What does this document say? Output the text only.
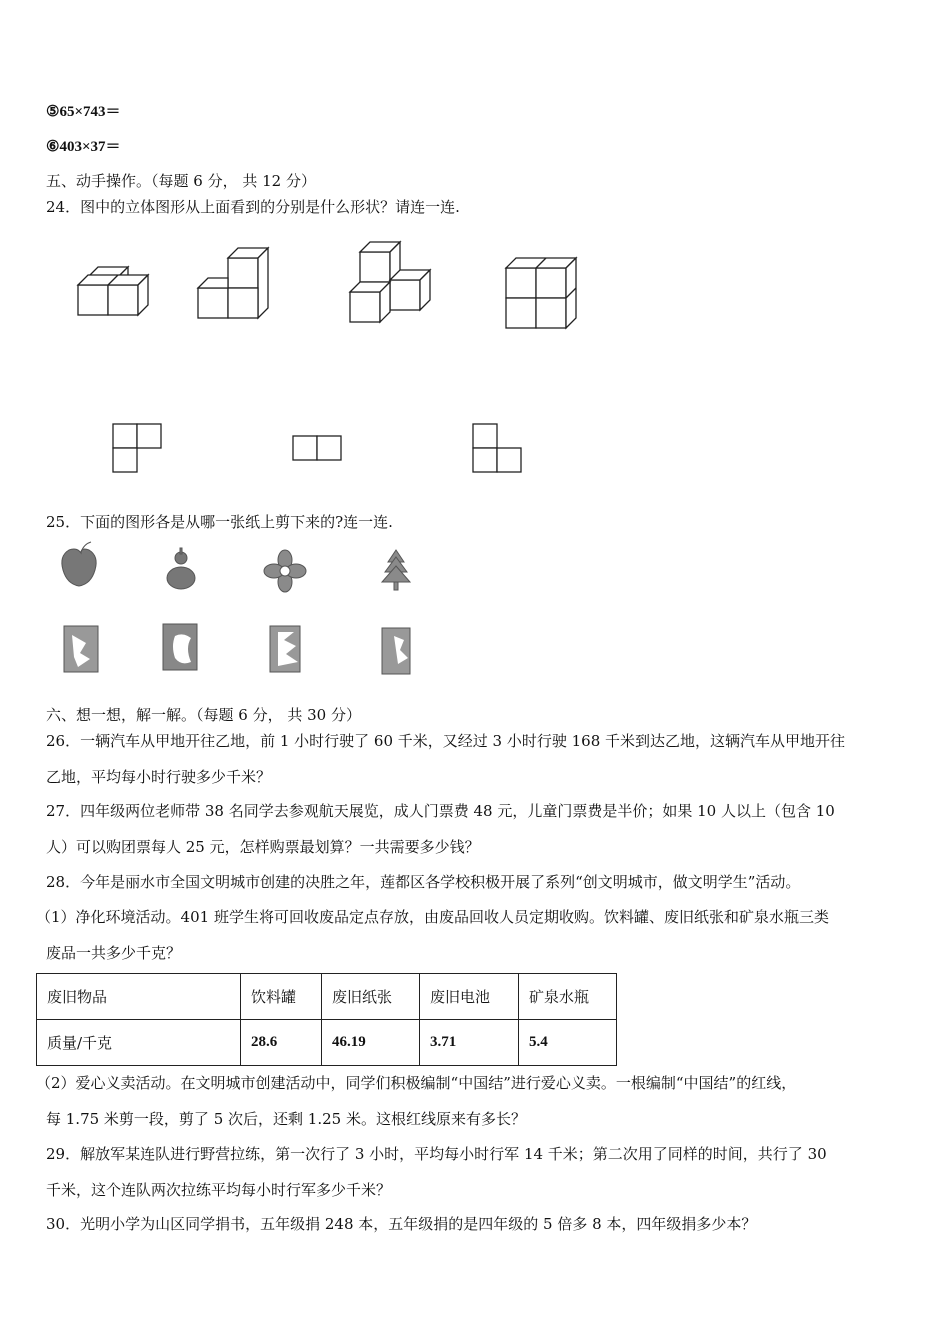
⑤65×743＝
⑥403×37＝
五、动手操作。（每题 6 分， 共 12 分）
24．图中的立体图形从上面看到的分别是什么形状？请连一连.
25．下面的图形各是从哪一张纸上剪下来的?连一连.
六、想一想，解一解。（每题 6 分， 共 30 分）
26．一辆汽车从甲地开往乙地，前 1 小时行驶了 60 千米，又经过 3 小时行驶 168 千米到达乙地，这辆汽车从甲地开往
乙地，平均每小时行驶多少千米？
27．四年级两位老师带 38 名同学去参观航天展览，成人门票费 48 元，儿童门票费是半价；如果 10 人以上（包含 10
人）可以购团票每人 25 元，怎样购票最划算？一共需要多少钱？
28．今年是丽水市全国文明城市创建的决胜之年，莲都区各学校积极开展了系列“创文明城市，做文明学生”活动。
（1）净化环境活动。401 班学生将可回收废品定点存放，由废品回收人员定期收购。饮料罐、废旧纸张和矿泉水瓶三类
废品一共多少千克？
废旧物品	饮料罐	废旧纸张	废旧电池	矿泉水瓶
质量/千克	28.6	46.19	3.71	5.4
（2）爱心义卖活动。在文明城市创建活动中，同学们积极编制“中国结”进行爱心义卖。一根编制“中国结”的红线，
每 1.75 米剪一段，剪了 5 次后，还剩 1.25 米。这根红线原来有多长？
29．解放军某连队进行野营拉练，第一次行了 3 小时，平均每小时行军 14 千米；第二次用了同样的时间，共行了 30
千米，这个连队两次拉练平均每小时行军多少千米？
30．光明小学为山区同学捐书，五年级捐 248 本，五年级捐的是四年级的 5 倍多 8 本，四年级捐多少本？
